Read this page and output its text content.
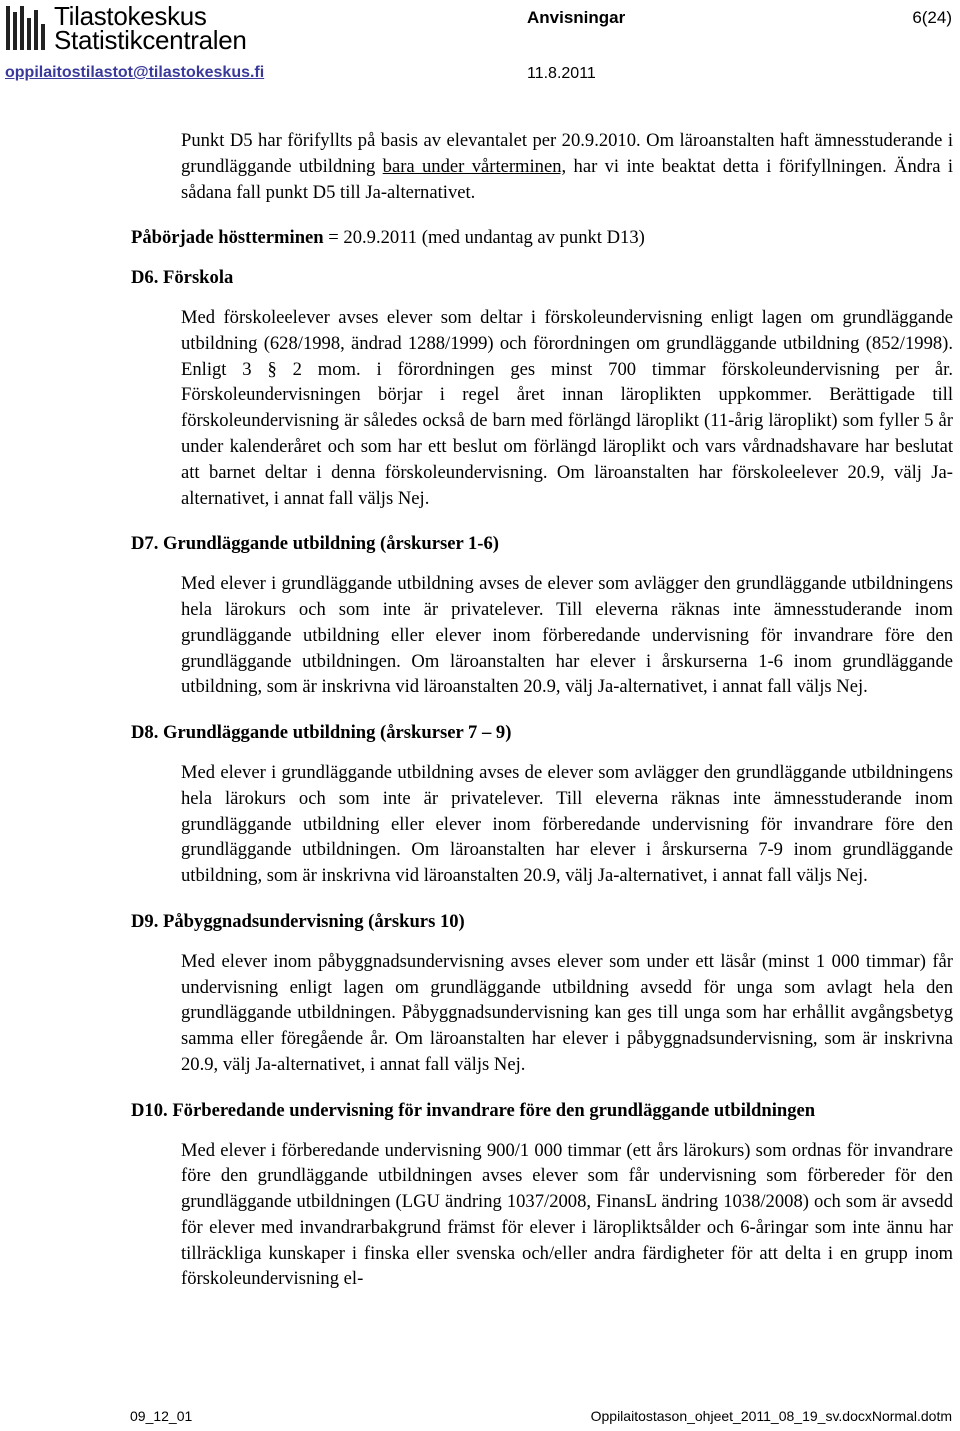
Tilastokeskus
Statistikcentralen
oppilaitostilastot@tilastokeskus.fi
Anvisningar	6(24)
11.8.2011

Punkt D5 har förifyllts på basis av elevantalet per 20.9.2010. Om läroanstalten haft ämnesstuderande i grundläggande utbildning bara under vårterminen, har vi inte beaktat detta i förifyllningen. Ändra i sådana fall punkt D5 till Ja-alternativet.

Påbörjade höstterminen = 20.9.2011 (med undantag av punkt D13)
D6. Förskola

Med förskoleelever avses elever som deltar i förskoleundervisning enligt lagen om grundläggande utbildning (628/1998, ändrad 1288/1999) och förordningen om grundläggande utbildning (852/1998). Enligt 3 § 2 mom. i förordningen ges minst 700 timmar förskoleundervisning per år. Förskoleundervisningen börjar i regel året innan läroplikten uppkommer. Berättigade till förskoleundervisning är således också de barn med förlängd läroplikt (11-årig läroplikt) som fyller 5 år under kalenderåret och som har ett beslut om förlängd läroplikt och vars vårdnadshavare har beslutat att barnet deltar i denna förskoleundervisning. Om läroanstalten har förskoleelever 20.9, välj Ja-alternativet, i annat fall väljs Nej.

D7. Grundläggande utbildning (årskurser 1-6)

Med elever i grundläggande utbildning avses de elever som avlägger den grundläggande utbildningens hela lärokurs och som inte är privatelever. Till eleverna räknas inte ämnesstuderande inom grundläggande utbildning eller elever inom förberedande undervisning för invandrare före den grundläggande utbildningen. Om läroanstalten har elever i årskurserna 1-6 inom grundläggande utbildning, som är inskrivna vid läroanstalten 20.9, välj Ja-alternativet, i annat fall väljs Nej.

D8. Grundläggande utbildning (årskurser 7 – 9)

Med elever i grundläggande utbildning avses de elever som avlägger den grundläggande utbildningens hela lärokurs och som inte är privatelever. Till eleverna räknas inte ämnesstuderande inom grundläggande utbildning eller elever inom förberedande undervisning för invandrare före den grundläggande utbildningen. Om läroanstalten har elever i årskurserna 7-9 inom grundläggande utbildning, som är inskrivna vid läroanstalten 20.9, välj Ja-alternativet, i annat fall väljs Nej.

D9. Påbyggnadsundervisning (årskurs 10)

Med elever inom påbyggnadsundervisning avses elever som under ett läsår (minst 1 000 timmar) får undervisning enligt lagen om grundläggande utbildning avsedd för unga som avlagt hela den grundläggande utbildningen. Påbyggnadsundervisning kan ges till unga som har erhållit avgångsbetyg samma eller föregående år. Om läroanstalten har elever i påbyggnadsundervisning, som är inskrivna 20.9, välj Ja-alternativet, i annat fall väljs Nej.

D10. Förberedande undervisning för invandrare före den grundläggande utbildningen

Med elever i förberedande undervisning 900/1 000 timmar (ett års lärokurs) som ordnas för invandrare före den grundläggande utbildningen avses elever som får undervisning som förbereder för den grundläggande utbildningen (LGU ändring 1037/2008, FinansL ändring 1038/2008) och som är avsedd för elever med invandrarbakgrund främst för elever i läropliktsålder och 6-åringar som inte ännu har tillräckliga kunskaper i finska eller svenska och/eller andra färdigheter för att delta i en grupp inom förskoleundervisning el-

09_12_01	Oppilaitostason_ohjeet_2011_08_19_sv.docxNormal.dotm
